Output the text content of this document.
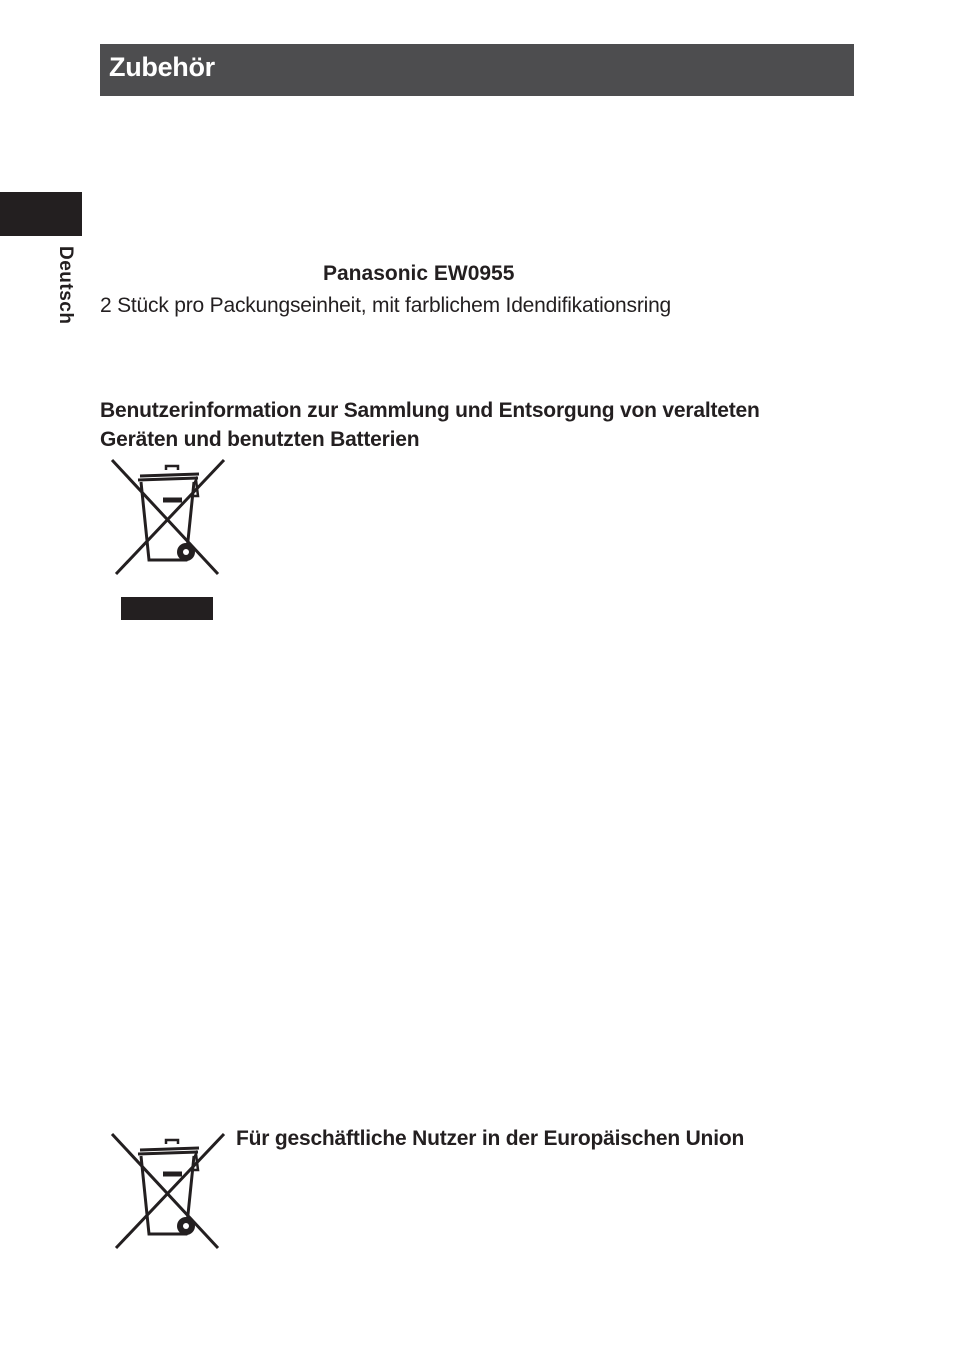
Zubehör
Deutsch	Panasonic EW0955
2 Stück pro Packungseinheit, mit farblichem Idendifikationsring
Benutzerinformation zur Sammlung und Entsorgung von veralteten
Geräten und benutzten Batterien
Für geschäftliche Nutzer in der Europäischen Union
